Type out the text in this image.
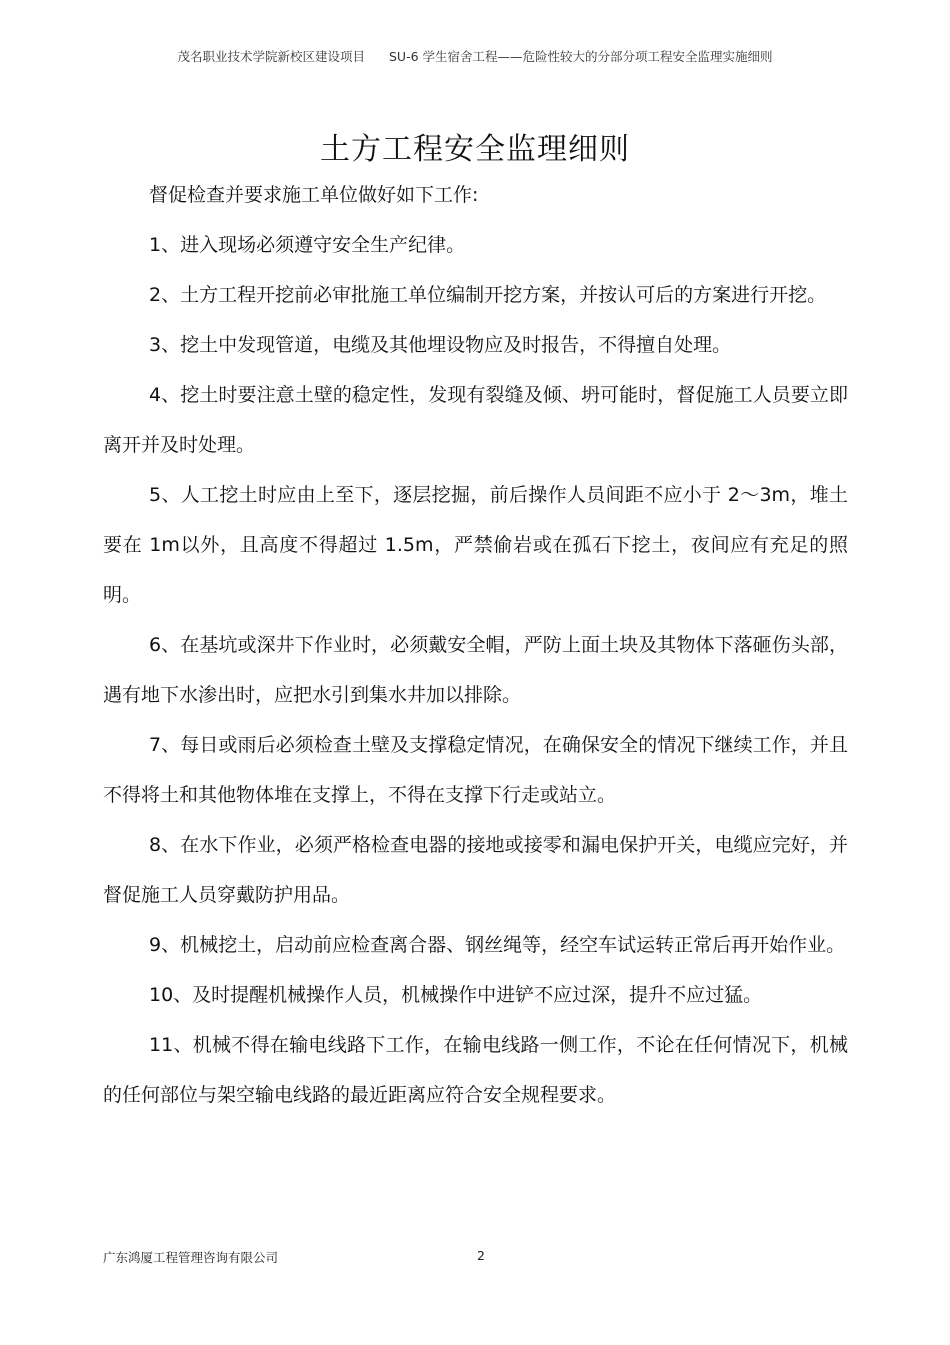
茂名职业技术学院新校区建设项目 SU-6 学生宿舍工程——危险性较大的分部分项工程安全监理实施细则
土方工程安全监理细则

督促检查并要求施工单位做好如下工作:

1、进入现场必须遵守安全生产纪律。

2、土方工程开挖前必审批施工单位编制开挖方案，并按认可后的方案进行开挖。

3、挖土中发现管道，电缆及其他埋设物应及时报告，不得擅自处理。

4、挖土时要注意土壁的稳定性，发现有裂缝及倾、坍可能时，督促施工人员要立即离开并及时处理。

5、人工挖土时应由上至下，逐层挖掘，前后操作人员间距不应小于 2～3m，堆土要在 1m以外，且高度不得超过 1.5m，严禁偷岩或在孤石下挖土，夜间应有充足的照明。

6、在基坑或深井下作业时，必须戴安全帽，严防上面土块及其物体下落砸伤头部，遇有地下水渗出时，应把水引到集水井加以排除。

7、每日或雨后必须检查土壁及支撑稳定情况，在确保安全的情况下继续工作，并且不得将土和其他物体堆在支撑上，不得在支撑下行走或站立。

8、在水下作业，必须严格检查电器的接地或接零和漏电保护开关，电缆应完好，并督促施工人员穿戴防护用品。

9、机械挖土，启动前应检查离合器、钢丝绳等，经空车试运转正常后再开始作业。

10、及时提醒机械操作人员，机械操作中进铲不应过深，提升不应过猛。

11、机械不得在输电线路下工作，在输电线路一侧工作，不论在任何情况下，机械的任何部位与架空输电线路的最近距离应符合安全规程要求。

广东鸿厦工程管理咨询有限公司	2
